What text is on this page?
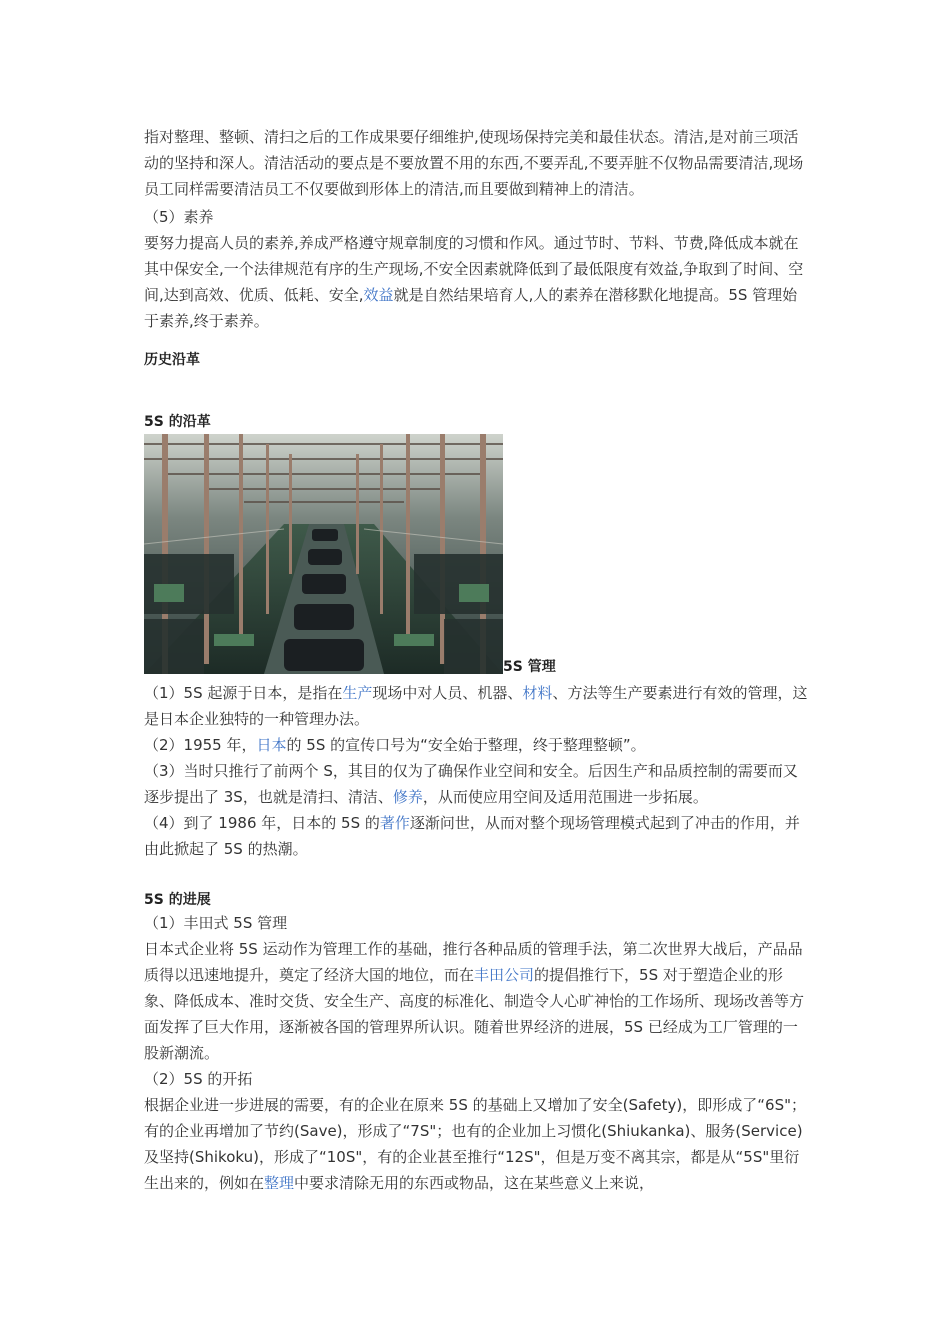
指对整理、整顿、清扫之后的工作成果要仔细维护,使现场保持完美和最佳状态。清洁,是对前三项活动的坚持和深人。清洁活动的要点是不要放置不用的东西,不要弄乱,不要弄脏不仅物品需要清洁,现场员工同样需要清洁员工不仅要做到形体上的清洁,而且要做到精神上的清洁。

（5）素养

要努力提高人员的素养,养成严格遵守规章制度的习惯和作风。通过节时、节料、节费,降低成本就在其中保安全,一个法律规范有序的生产现场,不安全因素就降低到了最低限度有效益,争取到了时间、空间,达到高效、优质、低耗、安全,效益就是自然结果培育人,人的素养在潜移默化地提高。5S 管理始于素养,终于素养。

历史沿革

5S 的沿革

5S 管理

（1）5S 起源于日本，是指在生产现场中对人员、机器、材料、方法等生产要素进行有效的管理，这是日本企业独特的一种管理办法。

（2）1955 年，日本的 5S 的宣传口号为“安全始于整理，终于整理整顿”。

（3）当时只推行了前两个 S，其目的仅为了确保作业空间和安全。后因生产和品质控制的需要而又逐步提出了 3S，也就是清扫、清洁、修养，从而使应用空间及适用范围进一步拓展。

（4）到了 1986 年，日本的 5S 的著作逐渐问世，从而对整个现场管理模式起到了冲击的作用，并由此掀起了 5S 的热潮。

5S 的进展

（1）丰田式 5S 管理

日本式企业将 5S 运动作为管理工作的基础，推行各种品质的管理手法，第二次世界大战后，产品品质得以迅速地提升，奠定了经济大国的地位，而在丰田公司的提倡推行下，5S 对于塑造企业的形象、降低成本、准时交货、安全生产、高度的标准化、制造令人心旷神怡的工作场所、现场改善等方面发挥了巨大作用，逐渐被各国的管理界所认识。随着世界经济的进展，5S 已经成为工厂管理的一股新潮流。

（2）5S 的开拓

根据企业进一步进展的需要，有的企业在原来 5S 的基础上又增加了安全(Safety)，即形成了“6S"；有的企业再增加了节约(Save)，形成了“7S"；也有的企业加上习惯化(Shiukanka)、服务(Service)及坚持(Shikoku)，形成了“10S"，有的企业甚至推行“12S"，但是万变不离其宗，都是从“5S"里衍生出来的，例如在整理中要求清除无用的东西或物品，这在某些意义上来说，
